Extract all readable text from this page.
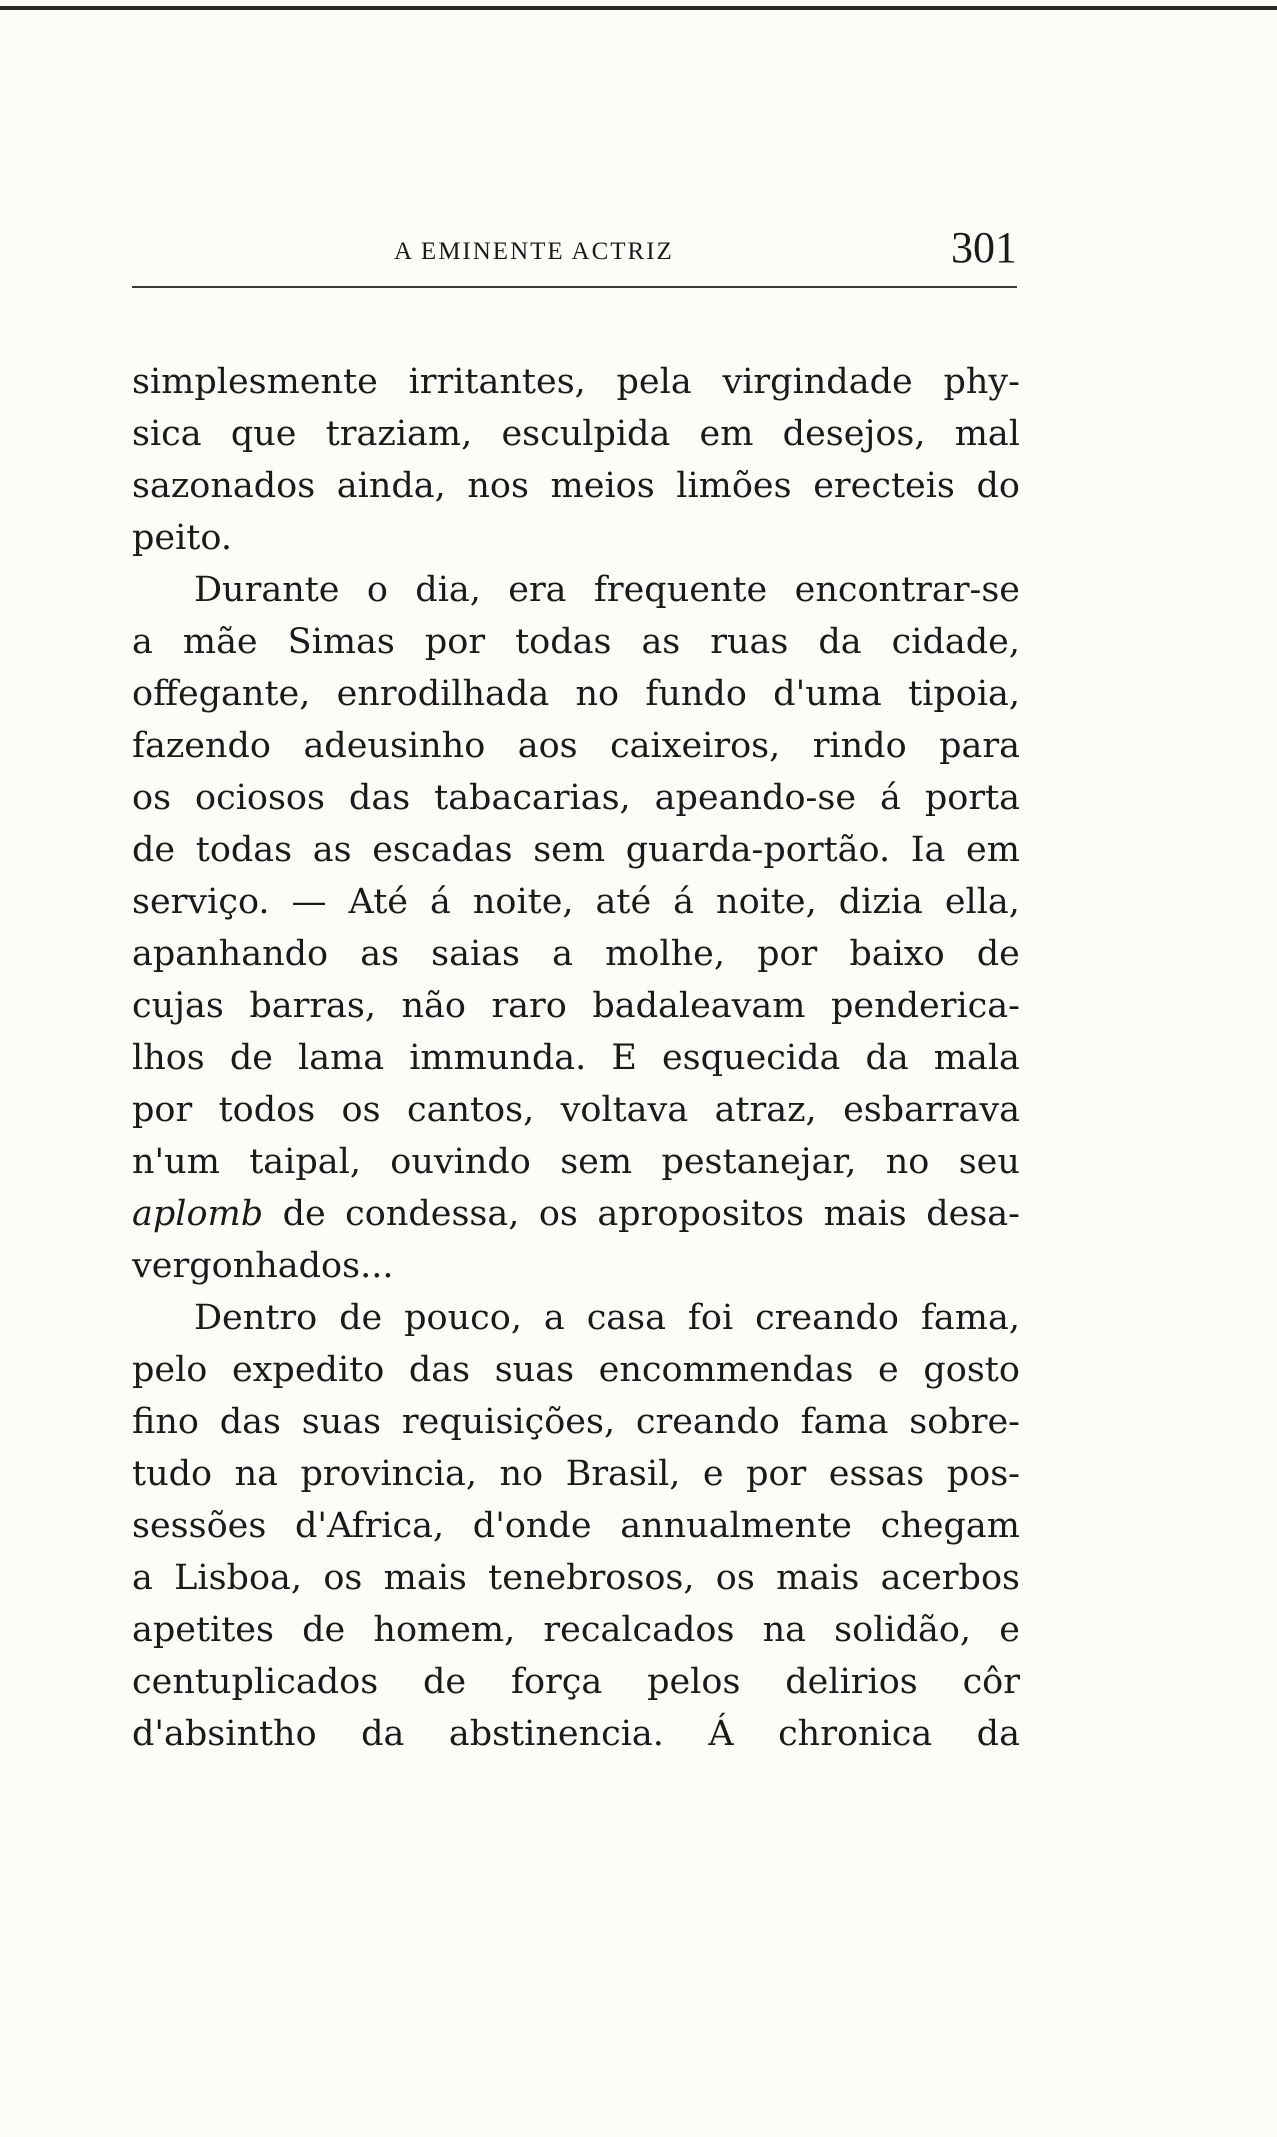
A EMINENTE ACTRIZ	301
simplesmente irritantes, pela virgindade phy-
sica que traziam, esculpida em desejos, mal
sazonados ainda, nos meios limões erecteis do
peito.
Durante o dia, era frequente encontrar-se
a mãe Simas por todas as ruas da cidade,
offegante, enrodilhada no fundo d'uma tipoia,
fazendo adeusinho aos caixeiros, rindo para
os ociosos das tabacarias, apeando-se á porta
de todas as escadas sem guarda-portão. Ia em
serviço. — Até á noite, até á noite, dizia ella,
apanhando as saias a molhe, por baixo de
cujas barras, não raro badaleavam penderica-
lhos de lama immunda. E esquecida da mala
por todos os cantos, voltava atraz, esbarrava
n'um taipal, ouvindo sem pestanejar, no seu
aplomb de condessa, os apropositos mais desa-
vergonhados...
Dentro de pouco, a casa foi creando fama,
pelo expedito das suas encommendas e gosto
fino das suas requisições, creando fama sobre-
tudo na provincia, no Brasil, e por essas pos-
sessões d'Africa, d'onde annualmente chegam
a Lisboa, os mais tenebrosos, os mais acerbos
apetites de homem, recalcados na solidão, e
centuplicados de força pelos delirios côr
d'absintho da abstinencia. Á chronica da
